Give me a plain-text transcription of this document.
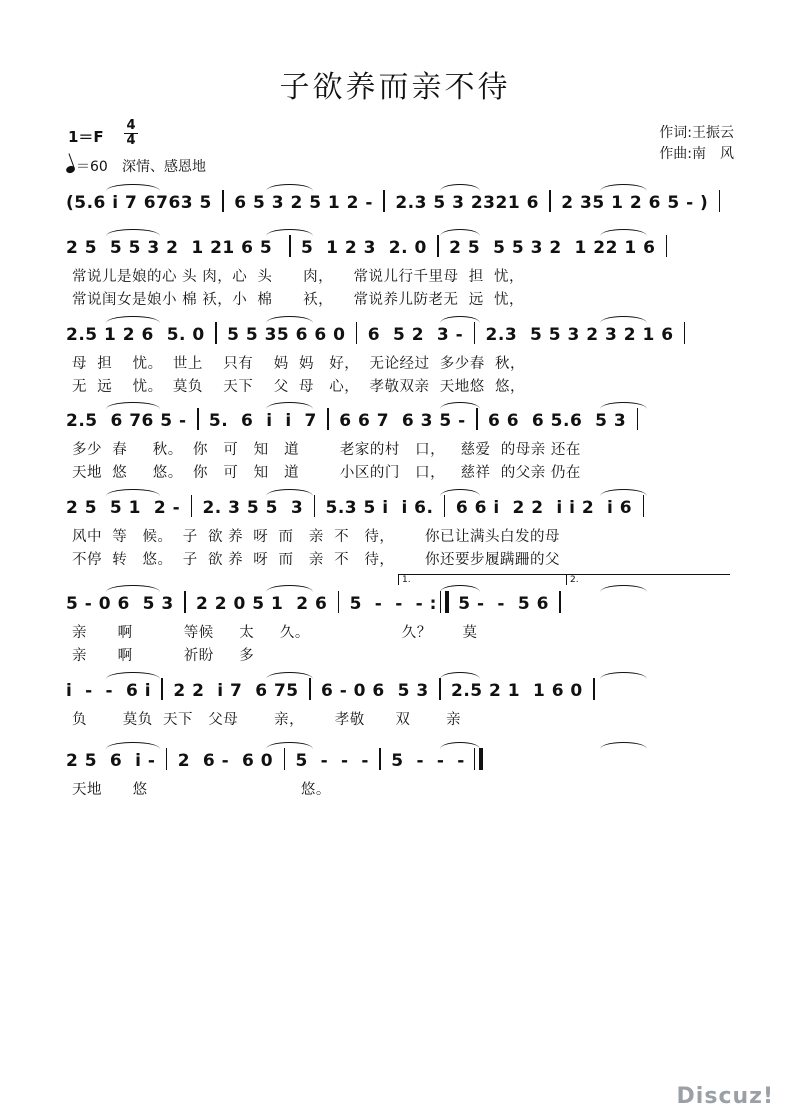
子欲养而亲不待
$1=F \frac{4}{4}$
＝60 深情、感恩地
作词:王振云
作曲:南　风
(5.6 i 7 6763 5  6 5 3 2 5 1 2 -  2.3 5 3 2321 6  2 35 1 2 6 5 - )
2 5  5 5 3 2  1 21 6 5   5  1 2 3  2. 0  2 5  5 5 3 2  1 22 1 6
常说儿是娘的心 头 肉，心  头      肉，    常说儿行千里母  担  忧，
常说闺女是娘小 棉 袄，小  棉      袄，    常说养儿防老无  远  忧，
2.5 1 2 6  5. 0  5 5 35 6 6 0  6  5 2  3 -  2.3  5 5 3 2 3 2 1 6
母  担    忧。  世上    只有    妈  妈   好，  无论经过  多少春  秋，
无  远    忧。  莫负    天下    父  母   心，  孝敬双亲  天地悠  悠，
2.5  6 76 5 -  5.  6  i  i  7  6 6 7  6 3 5 -  6 6  6 5.6  5 3
多少  春     秋。  你   可   知   道        老家的村   口，   慈爱  的母亲 还在
天地  悠     悠。  你   可   知   道        小区的门   口，   慈祥  的父亲 仍在
2 5  5 1  2 -  2. 3 5 5  3  5.3 5 i  i 6.  6 6 i  2 2  i i 2  i 6
风中  等   候。  子  欲 养  呀  而   亲  不   待，      你已让满头白发的母
不停  转   悠。  子  欲 养  呀  而   亲  不   待，      你还要步履蹒跚的父
5 - 0 6  5 3  2 2 0 5 1  2 6  5  -  -  - : 5 -  -  5 6
亲      啊          等候     太     久。                  久？      莫
亲      啊          祈盼     多
i  -  -  6 i  2 2  i 7  6 75  6 - 0 6  5 3  2.5 2 1  1 6 0
负       莫负  天下   父母       亲，      孝敬      双       亲
2 5  6  i -  2  6 -  6 0  5  -  -  -  5  -  -  -
天地      悠                              悠。
1.	2.
Discuz!
